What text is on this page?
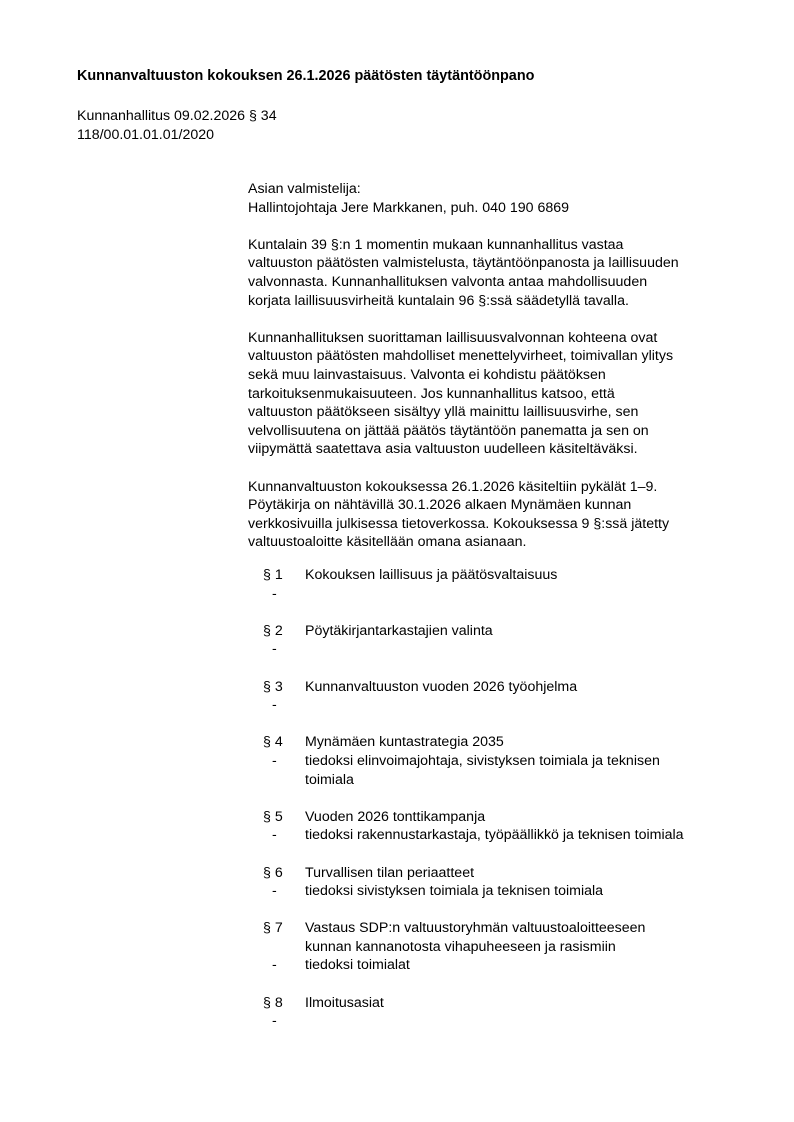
Kunnanvaltuuston kokouksen 26.1.2026 päätösten täytäntöönpano
Kunnanhallitus 09.02.2026 § 34
118/00.01.01.01/2020
Asian valmistelija:
Hallintojohtaja Jere Markkanen, puh. 040 190 6869
Kuntalain 39 §:n 1 momentin mukaan kunnanhallitus vastaa
valtuuston päätösten valmistelusta, täytäntöönpanosta ja laillisuuden
valvonnasta. Kunnanhallituksen valvonta antaa mahdollisuuden
korjata laillisuusvirheitä kuntalain 96 §:ssä säädetyllä tavalla.
Kunnanhallituksen suorittaman laillisuusvalvonnan kohteena ovat
valtuuston päätösten mahdolliset menettelyvirheet, toimivallan ylitys
sekä muu lainvastaisuus. Valvonta ei kohdistu päätöksen
tarkoituksenmukaisuuteen. Jos kunnanhallitus katsoo, että
valtuuston päätökseen sisältyy yllä mainittu laillisuusvirhe, sen
velvollisuutena on jättää päätös täytäntöön panematta ja sen on
viipymättä saatettava asia valtuuston uudelleen käsiteltäväksi.
Kunnanvaltuuston kokouksessa 26.1.2026 käsiteltiin pykälät 1–9.
Pöytäkirja on nähtävillä 30.1.2026 alkaen Mynämäen kunnan
verkkosivuilla julkisessa tietoverkossa. Kokouksessa 9 §:ssä jätetty
valtuustoaloitte käsitellään omana asianaan.
§ 1	Kokouksen laillisuus ja päätösvaltaisuus
-

§ 2	Pöytäkirjantarkastajien valinta
-

§ 3	Kunnanvaltuuston vuoden 2026 työohjelma
-

§ 4	Mynämäen kuntastrategia 2035
-	tiedoksi elinvoimajohtaja, sivistyksen toimiala ja teknisen
toimiala
§ 5	Vuoden 2026 tonttikampanja
-	tiedoksi rakennustarkastaja, työpäällikkö ja teknisen toimiala
§ 6	Turvallisen tilan periaatteet
-	tiedoksi sivistyksen toimiala ja teknisen toimiala
§ 7	Vastaus SDP:n valtuustoryhmän valtuustoaloitteeseen
kunnan kannanotosta vihapuheeseen ja rasismiin
-	tiedoksi toimialat
§ 8	Ilmoitusasiat
-
